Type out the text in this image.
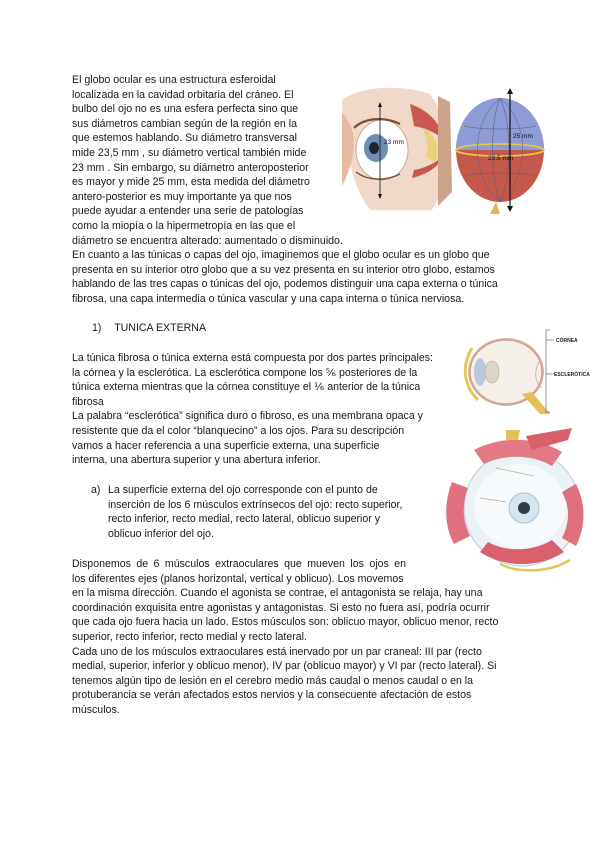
El globo ocular es una estructura esferoidal
localizada en la cavidad orbitaria del cráneo. El
bulbo del ojo no es una esfera perfecta sino que
sus diámetros cambian según de la región en la
que estemos hablando. Su diámetro transversal
mide 23,5 mm , su diámetro vertical también mide
23 mm . Sin embargo, su diámetro anteroposterior
es mayor y mide 25 mm, esta medida del diámetro
antero-posterior es muy importante ya que nos
puede ayudar a entender una serie de patologías
como la miopía o la hipermetropía en las que el
diámetro se encuentra alterado: aumentado o disminuido.
En cuanto a las túnicas o capas del ojo, imaginemos que el globo ocular es un globo que
presenta en su interior otro globo que a su vez presenta en su interior otro globo, estamos
hablando de las tres capas o túnicas del ojo, podemos distinguir una capa externa o túnica
fibrosa, una capa intermedia o túnica vascular y una capa interna o túnica nerviosa.
1) TUNICA EXTERNA
La túnica fibrosa o túnica externa está compuesta por dos partes principales:
la córnea y la esclerótica. La esclerótica compone los ⅚ posteriores de la
túnica externa mientras que la córnea constituye el ⅙ anterior de la túnica
fibrosa
La palabra “esclerótica” significa duro o fibroso, es una membrana opaca y
resistente que da el color “blanquecino” a los ojos. Para su descripción
vamos a hacer referencia a una superficie externa, una superficie
interna, una abertura superior y una abertura inferior.
a) La superficie externa del ojo corresponde con el punto de
inserción de los 6 músculos extrínsecos del ojo: recto superior,
recto inferior, recto medial, recto lateral, oblicuo superior y
oblicuo inferior del ojo.
Disponemos de 6 músculos extraoculares que mueven los ojos en
los diferentes ejes (planos horizontal, vertical y oblicuo). Los movemos
en la misma dirección. Cuando el agonista se contrae, el antagonista se relaja, hay una
coordinación exquisita entre agonistas y antagonistas. Si esto no fuera así, podría ocurrir
que cada ojo fuera hacia un lado. Estos músculos son: oblicuo mayor, oblicuo menor, recto
superior, recto inferior, recto medial y recto lateral.
Cada uno de los músculos extraoculares está inervado por un par craneal: III par (recto
medial, superior, inferior y oblicuo menor), IV par (oblicuo mayor) y VI par (recto lateral). Si
tenemos algún tipo de lesión en el cerebro medio más caudal o menos caudal o en la
protuberancia se verán afectados estos nervios y la consecuente afectación de estos
músculos.
23 mm
25 mm
23,5 mm
CÓRNEA
ESCLERÓTICA
